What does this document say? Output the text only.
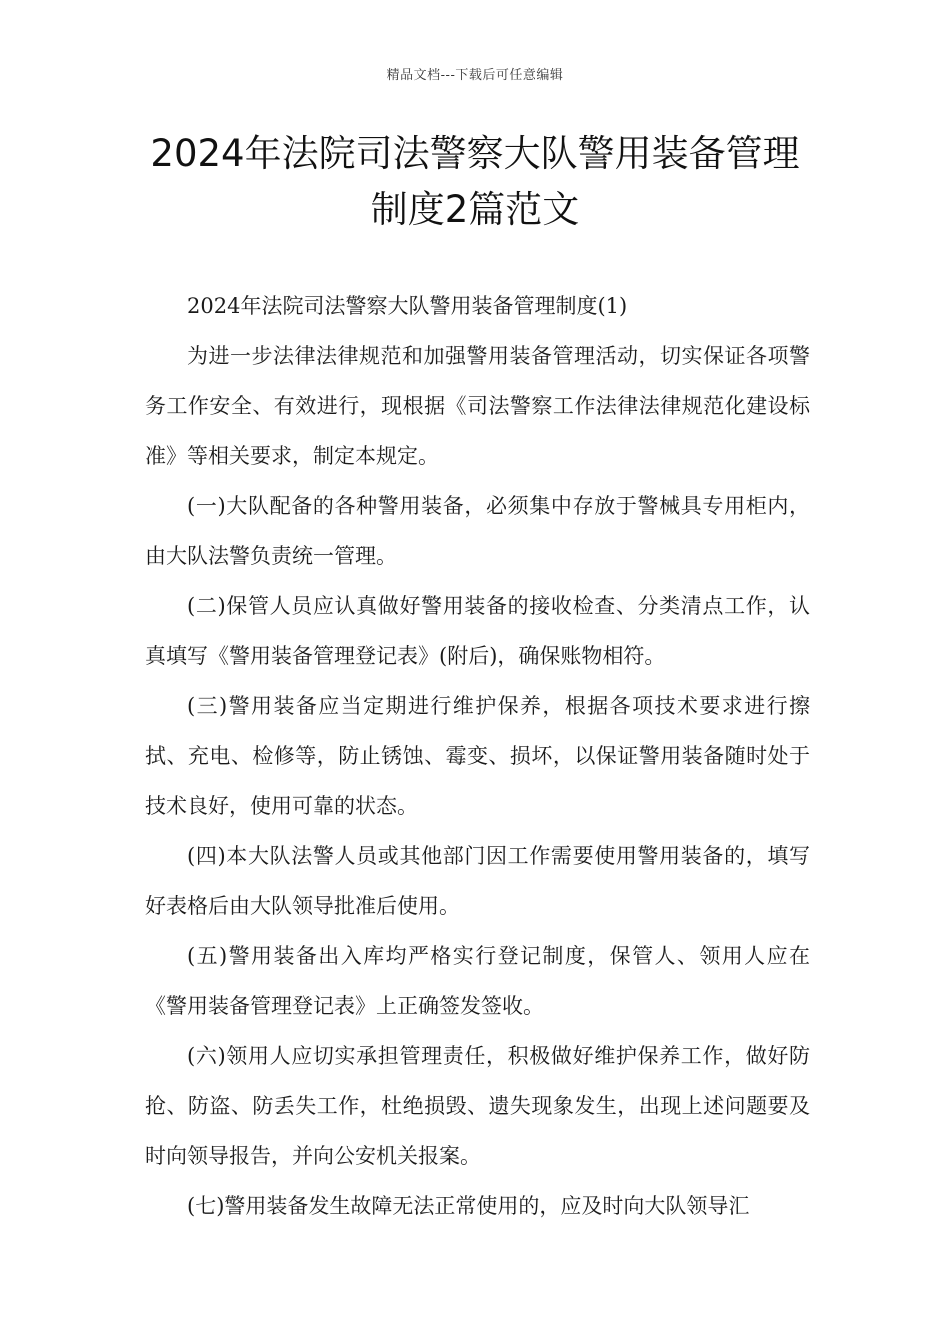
精品文档---下载后可任意编辑
2024年法院司法警察大队警用装备管理
制度2篇范文

2024年法院司法警察大队警用装备管理制度(1)

为进一步法律法律规范和加强警用装备管理活动，切实保证各项警务工作安全、有效进行，现根据《司法警察工作法律法律规范化建设标准》等相关要求，制定本规定。

(一)大队配备的各种警用装备，必须集中存放于警械具专用柜内，由大队法警负责统一管理。

(二)保管人员应认真做好警用装备的接收检查、分类清点工作，认真填写《警用装备管理登记表》(附后)，确保账物相符。

(三)警用装备应当定期进行维护保养，根据各项技术要求进行擦拭、充电、检修等，防止锈蚀、霉变、损坏，以保证警用装备随时处于技术良好，使用可靠的状态。

(四)本大队法警人员或其他部门因工作需要使用警用装备的，填写好表格后由大队领导批准后使用。

(五)警用装备出入库均严格实行登记制度，保管人、领用人应在《警用装备管理登记表》上正确签发签收。

(六)领用人应切实承担管理责任，积极做好维护保养工作，做好防抢、防盗、防丢失工作，杜绝损毁、遗失现象发生，出现上述问题要及时向领导报告，并向公安机关报案。

(七)警用装备发生故障无法正常使用的，应及时向大队领导汇
